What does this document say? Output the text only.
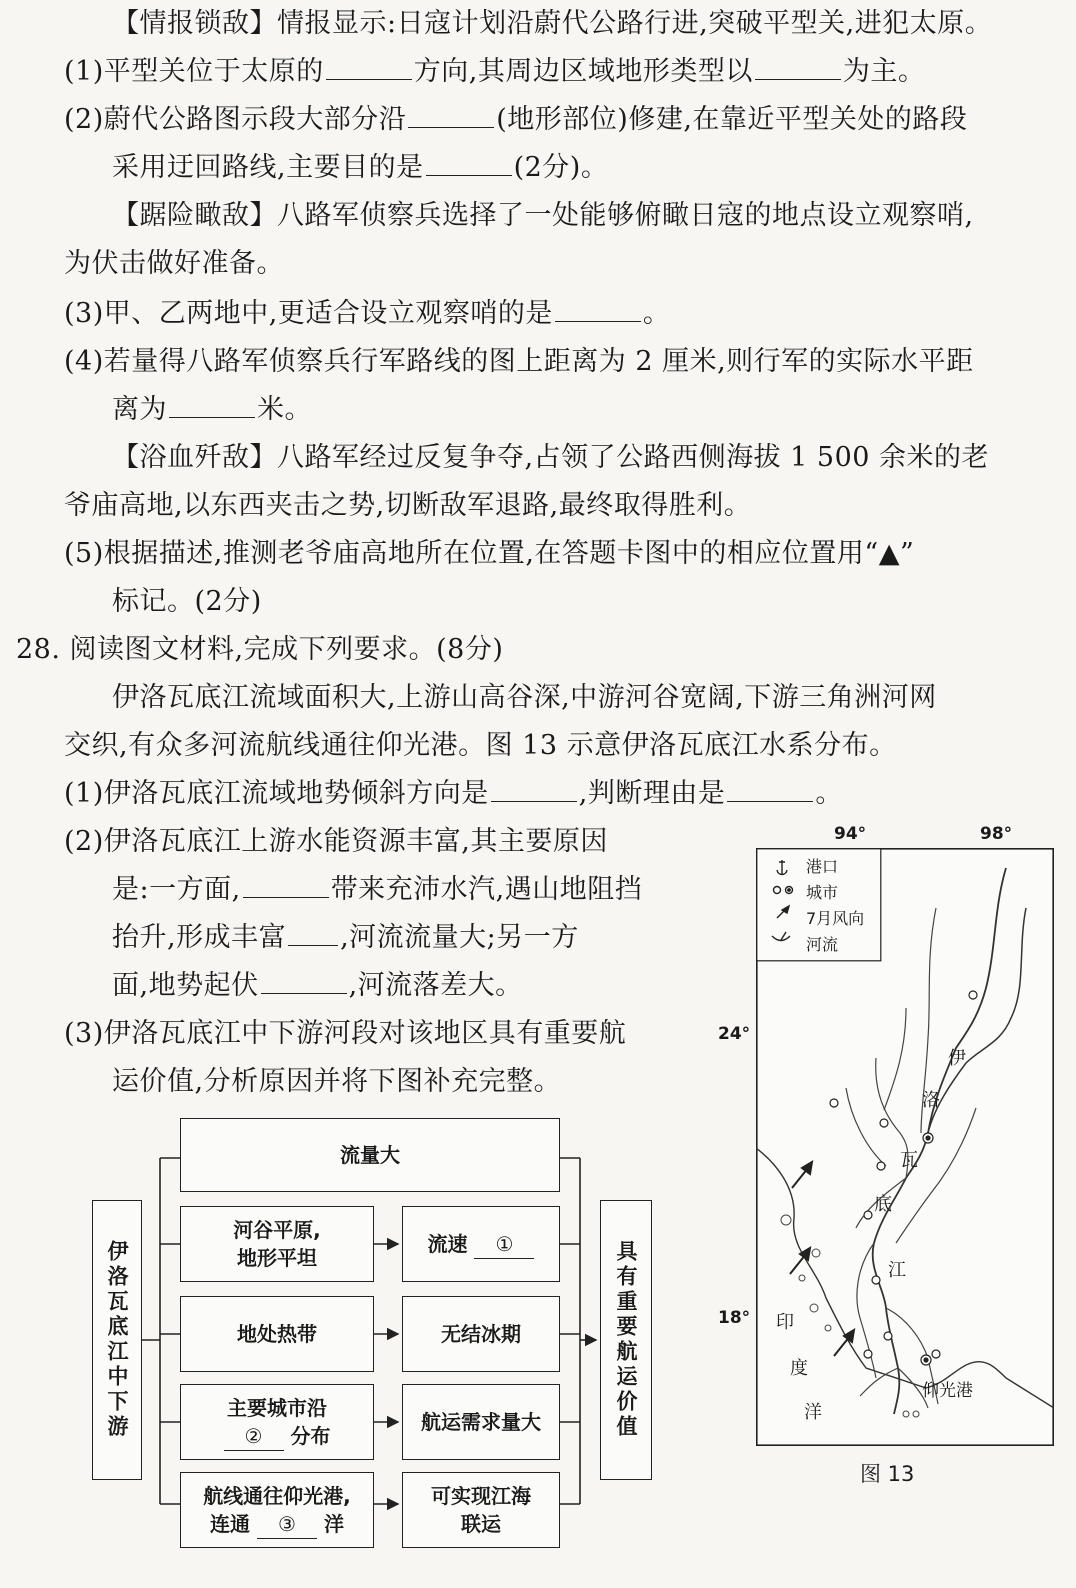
【情报锁敌】情报显示:日寇计划沿蔚代公路行进,突破平型关,进犯太原。
(1)平型关位于太原的	方向,其周边区域地形类型以	为主。
(2)蔚代公路图示段大部分沿	(地形部位)修建,在靠近平型关处的路段
采用迂回路线,主要目的是	(2分)。
【踞险瞰敌】八路军侦察兵选择了一处能够俯瞰日寇的地点设立观察哨,
为伏击做好准备。
(3)甲、乙两地中,更适合设立观察哨的是	。
(4)若量得八路军侦察兵行军路线的图上距离为 2 厘米,则行军的实际水平距
离为	米。
【浴血歼敌】八路军经过反复争夺,占领了公路西侧海拔 1 500 余米的老
爷庙高地,以东西夹击之势,切断敌军退路,最终取得胜利。
(5)根据描述,推测老爷庙高地所在位置,在答题卡图中的相应位置用“▲”
标记。(2分)
28. 阅读图文材料,完成下列要求。(8分)
伊洛瓦底江流域面积大,上游山高谷深,中游河谷宽阔,下游三角洲河网
交织,有众多河流航线通往仰光港。图 13 示意伊洛瓦底江水系分布。
(1)伊洛瓦底江流域地势倾斜方向是	,判断理由是	。
(2)伊洛瓦底江上游水能资源丰富,其主要原因
是:一方面,	带来充沛水汽,遇山地阻挡
抬升,形成丰富 ,河流流量大;另一方
面,地势起伏	,河流落差大。
(3)伊洛瓦底江中下游河段对该地区具有重要航
运价值,分析原因并将下图补充完整。
伊洛瓦底江中下游	具有重要航运价值
流量大
河谷平原,
地形平坦
流速 ①
地处热带	无结冰期
主要城市沿
② 分布
航运需求量大
航线通往仰光港,
连通 ③ 洋
可实现江海
联运
94°	98°
24°
18°
港口
城市
7月风向
河流
伊
洛
瓦
底
江
印
度
洋
仰光港
图 13
